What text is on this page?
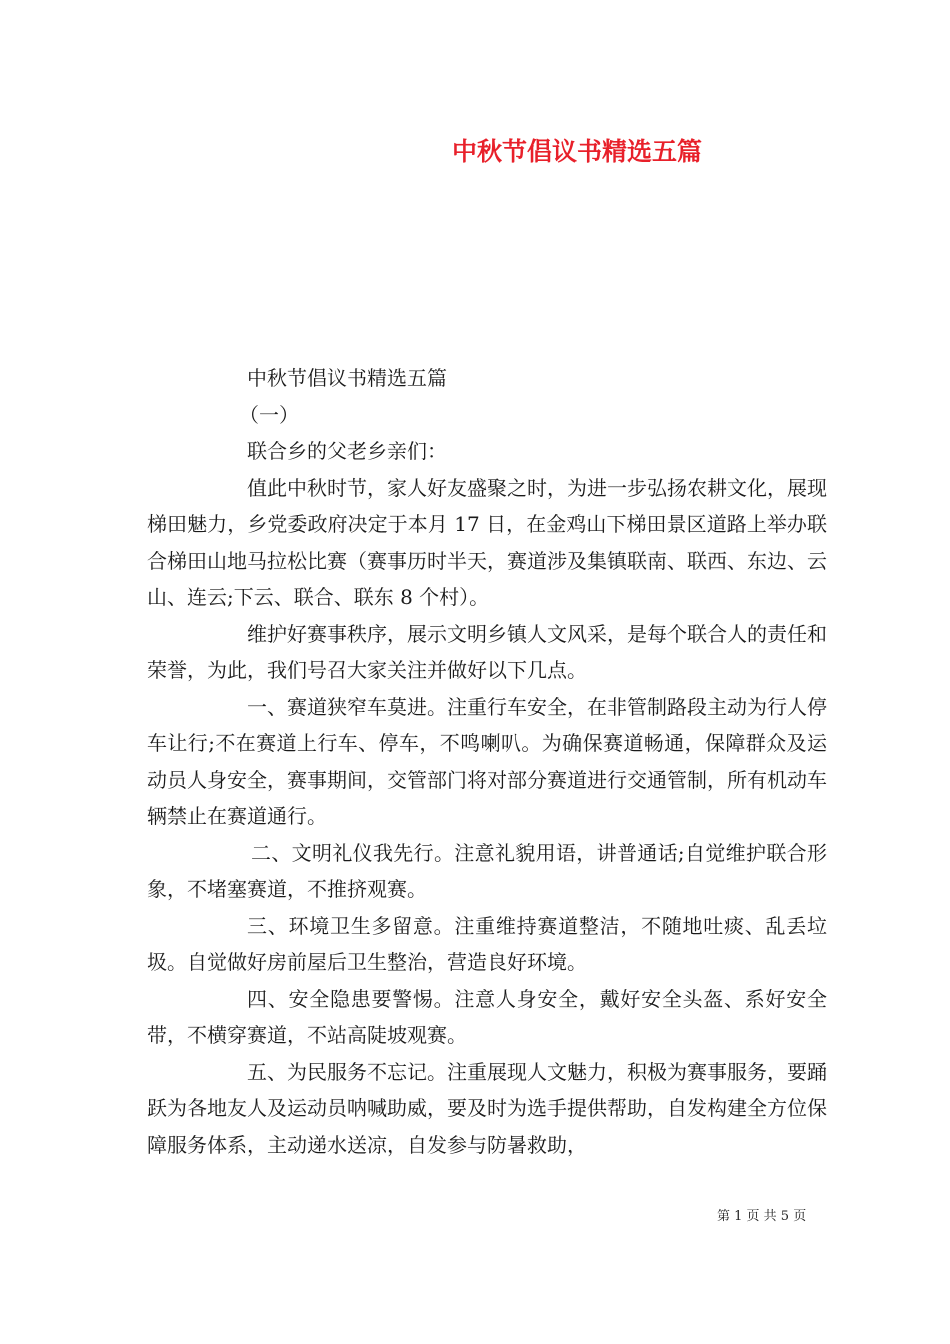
中秋节倡议书精选五篇

中秋节倡议书精选五篇

（一）

联合乡的父老乡亲们：

值此中秋时节，家人好友盛聚之时，为进一步弘扬农耕文化，展现梯田魅力，乡党委政府决定于本月 17 日，在金鸡山下梯田景区道路上举办联合梯田山地马拉松比赛（赛事历时半天，赛道涉及集镇联南、联西、东边、云山、连云;下云、联合、联东 8 个村）。

维护好赛事秩序，展示文明乡镇人文风采，是每个联合人的责任和荣誉，为此，我们号召大家关注并做好以下几点。

一、赛道狭窄车莫进。注重行车安全，在非管制路段主动为行人停车让行;不在赛道上行车、停车，不鸣喇叭。为确保赛道畅通，保障群众及运动员人身安全，赛事期间，交管部门将对部分赛道进行交通管制，所有机动车辆禁止在赛道通行。

二、文明礼仪我先行。注意礼貌用语，讲普通话;自觉维护联合形象，不堵塞赛道，不推挤观赛。

三、环境卫生多留意。注重维持赛道整洁，不随地吐痰、乱丢垃圾。自觉做好房前屋后卫生整治，营造良好环境。

四、安全隐患要警惕。注意人身安全，戴好安全头盔、系好安全带，不横穿赛道，不站高陡坡观赛。

五、为民服务不忘记。注重展现人文魅力，积极为赛事服务，要踊跃为各地友人及运动员呐喊助威，要及时为选手提供帮助，自发构建全方位保障服务体系，主动递水送凉，自发参与防暑救助，

第 1 页 共 5 页
